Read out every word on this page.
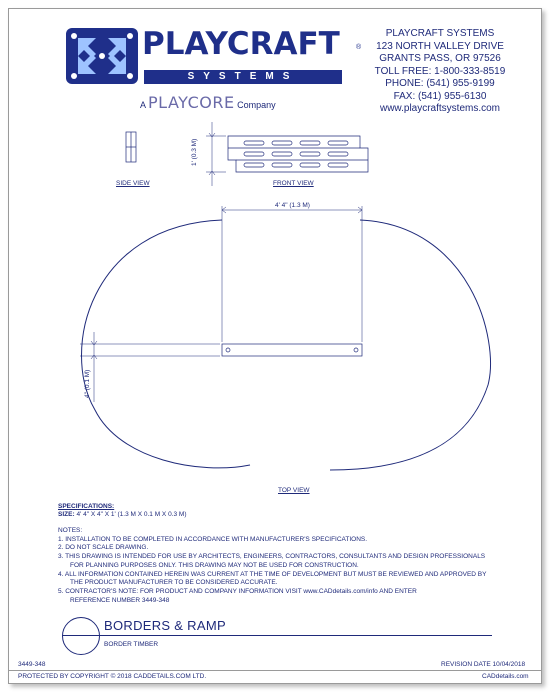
PLAYCRAFT ®
SYSTEMS
A PLAYCORE Company
PLAYCRAFT SYSTEMS
123 NORTH VALLEY DRIVE
GRANTS PASS, OR 97526
TOLL FREE: 1-800-333-8519
PHONE: (541) 955-9199
FAX: (541) 955-6130
www.playcraftsystems.com
SIDE VIEW	FRONT VIEW
TOP VIEW
4' 4" (1.3 M)
1' (0.3 M)
4" (0.1 M)
SPECIFICATIONS:
SIZE: 4' 4" X 4" X 1' (1.3 M X 0.1 M X 0.3 M)
NOTES:
1. INSTALLATION TO BE COMPLETED IN ACCORDANCE WITH MANUFACTURER'S SPECIFICATIONS.
2. DO NOT SCALE DRAWING.
3. THIS DRAWING IS INTENDED FOR USE BY ARCHITECTS, ENGINEERS, CONTRACTORS, CONSULTANTS AND DESIGN PROFESSIONALS
FOR PLANNING PURPOSES ONLY. THIS DRAWING MAY NOT BE USED FOR CONSTRUCTION.
4. ALL INFORMATION CONTAINED HEREIN WAS CURRENT AT THE TIME OF DEVELOPMENT BUT MUST BE REVIEWED AND APPROVED BY
THE PRODUCT MANUFACTURER TO BE CONSIDERED ACCURATE.
5. CONTRACTOR'S NOTE: FOR PRODUCT AND COMPANY INFORMATION VISIT www.CADdetails.com/info AND ENTER
REFERENCE NUMBER 3449-348
BORDERS & RAMP
BORDER TIMBER
3449-348	REVISION DATE 10/04/2018
PROTECTED BY COPYRIGHT © 2018 CADDETAILS.COM LTD.	CADdetails.com
